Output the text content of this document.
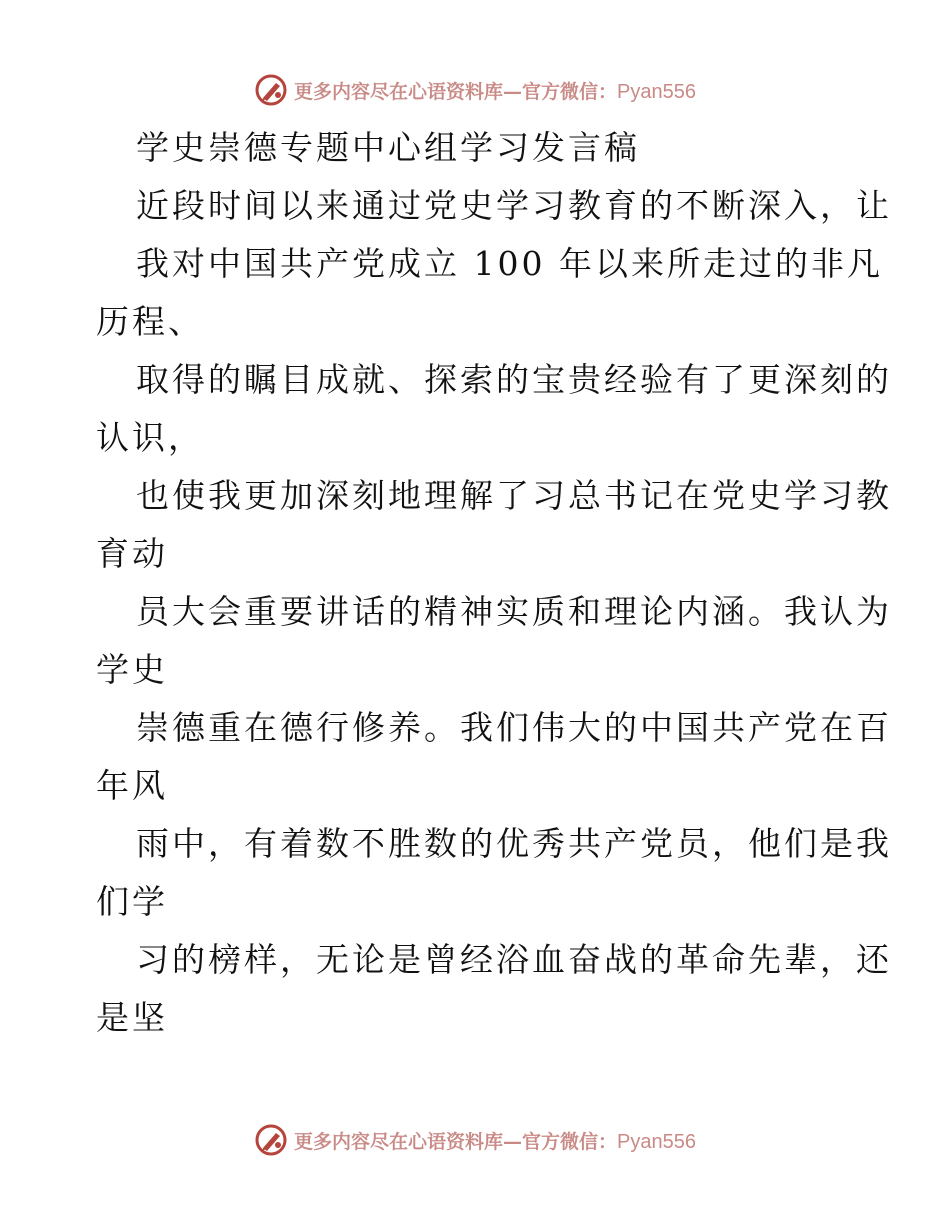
更多内容尽在心语资料库—官方微信：Pyan556
学史崇德专题中心组学习发言稿
近段时间以来通过党史学习教育的不断深入，让
我对中国共产党成立 100 年以来所走过的非凡
历程、
取得的瞩目成就、探索的宝贵经验有了更深刻的
认识，
也使我更加深刻地理解了习总书记在党史学习教
育动
员大会重要讲话的精神实质和理论内涵。我认为
学史
崇德重在德行修养。我们伟大的中国共产党在百
年风
雨中，有着数不胜数的优秀共产党员，他们是我
们学
习的榜样，无论是曾经浴血奋战的革命先辈，还
是坚
更多内容尽在心语资料库—官方微信：Pyan556
